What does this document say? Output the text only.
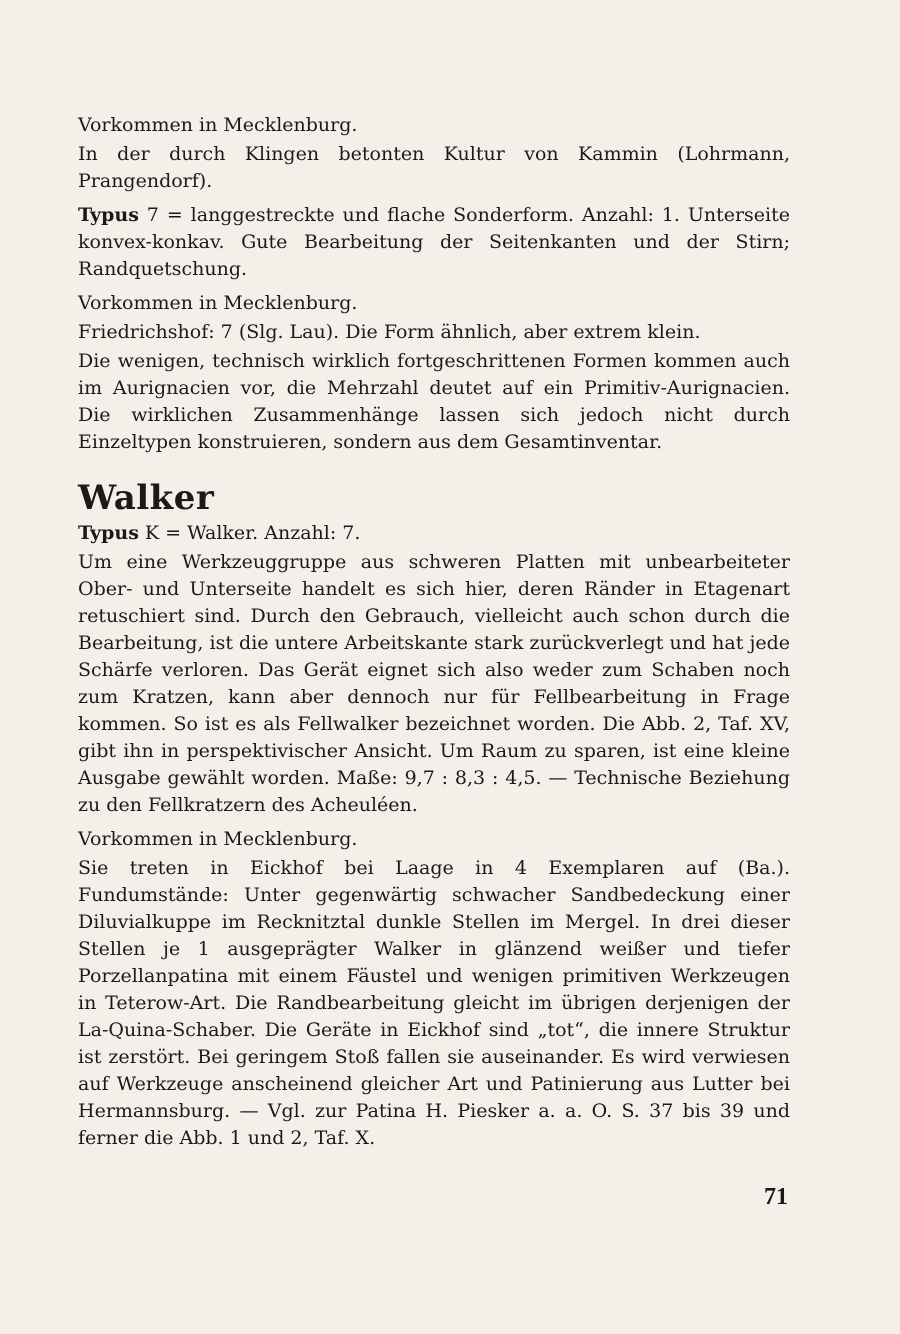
Vorkommen in Mecklenburg.

In der durch Klingen betonten Kultur von Kammin (Lohrmann, Prangendorf).

Typus 7 = langgestreckte und flache Sonderform. Anzahl: 1. Unterseite konvex-konkav. Gute Bearbeitung der Seitenkanten und der Stirn; Randquetschung.

Vorkommen in Mecklenburg.

Friedrichshof: 7 (Slg. Lau). Die Form ähnlich, aber extrem klein.

Die wenigen, technisch wirklich fortgeschrittenen Formen kommen auch im Aurignacien vor, die Mehrzahl deutet auf ein Primitiv-Aurignacien. Die wirklichen Zusammenhänge lassen sich jedoch nicht durch Einzeltypen konstruieren, sondern aus dem Gesamtinventar.

Walker

Typus K = Walker. Anzahl: 7.

Um eine Werkzeuggruppe aus schweren Platten mit unbearbeiteter Ober- und Unterseite handelt es sich hier, deren Ränder in Etagenart retuschiert sind. Durch den Gebrauch, vielleicht auch schon durch die Bearbeitung, ist die untere Arbeitskante stark zurückverlegt und hat jede Schärfe verloren. Das Gerät eignet sich also weder zum Schaben noch zum Kratzen, kann aber dennoch nur für Fellbearbeitung in Frage kommen. So ist es als Fellwalker bezeichnet worden. Die Abb. 2, Taf. XV, gibt ihn in perspektivischer Ansicht. Um Raum zu sparen, ist eine kleine Ausgabe gewählt worden. Maße: 9,7 : 8,3 : 4,5. — Technische Beziehung zu den Fellkratzern des Acheuléen.

Vorkommen in Mecklenburg.

Sie treten in Eickhof bei Laage in 4 Exemplaren auf (Ba.). Fundumstände: Unter gegenwärtig schwacher Sandbedeckung einer Diluvialkuppe im Recknitztal dunkle Stellen im Mergel. In drei dieser Stellen je 1 ausgeprägter Walker in glänzend weißer und tiefer Porzellanpatina mit einem Fäustel und wenigen primitiven Werkzeugen in Teterow-Art. Die Randbearbeitung gleicht im übrigen derjenigen der La-Quina-Schaber. Die Geräte in Eickhof sind „tot“, die innere Struktur ist zerstört. Bei geringem Stoß fallen sie auseinander. Es wird verwiesen auf Werkzeuge anscheinend gleicher Art und Patinierung aus Lutter bei Hermannsburg. — Vgl. zur Patina H. Piesker a. a. O. S. 37 bis 39 und ferner die Abb. 1 und 2, Taf. X.

71
